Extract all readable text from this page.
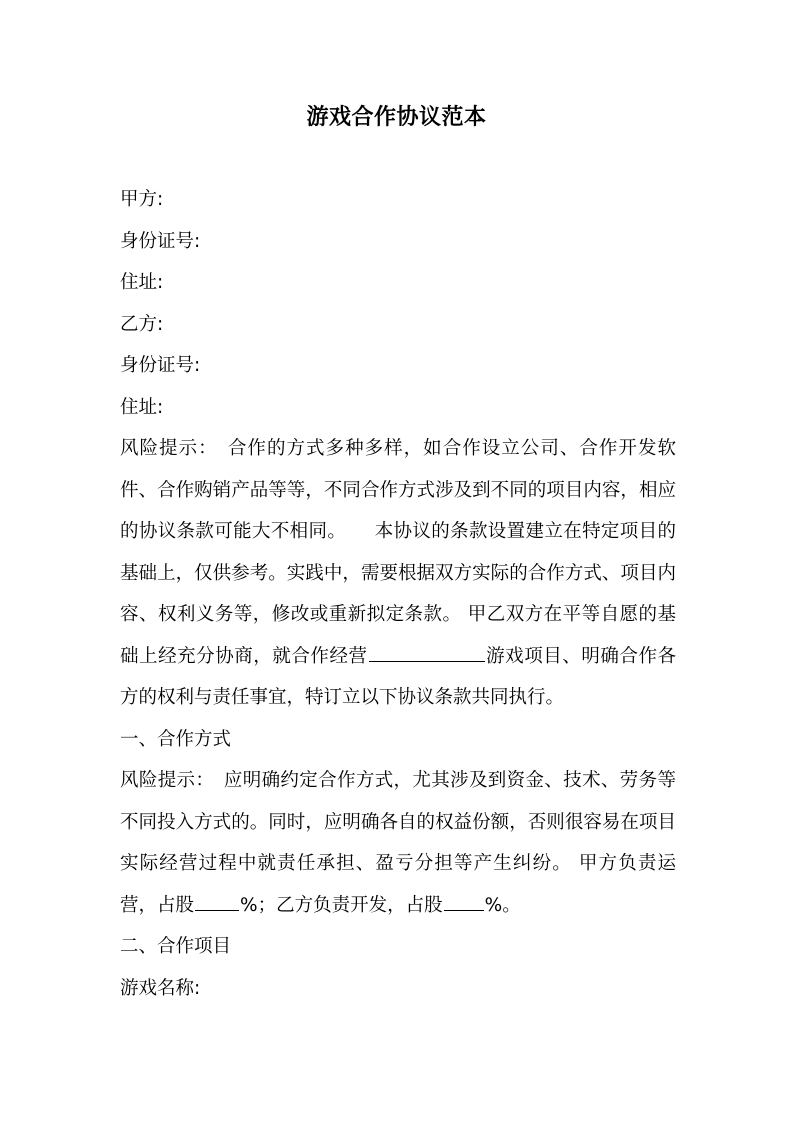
游戏合作协议范本
甲方:
身份证号:
住址:
乙方:
身份证号:
住址:
风险提示：　合作的方式多种多样，如合作设立公司、合作开发软件、合作购销产品等等，不同合作方式涉及到不同的项目内容，相应的协议条款可能大不相同。　　本协议的条款设置建立在特定项目的基础上，仅供参考。实践中，需要根据双方实际的合作方式、项目内容、权利义务等，修改或重新拟定条款。 甲乙双方在平等自愿的基础上经充分协商，就合作经营	游戏项目、明确合作各方的权利与责任事宜，特订立以下协议条款共同执行。
一、合作方式
风险提示：　应明确约定合作方式，尤其涉及到资金、技术、劳务等不同投入方式的。同时，应明确各自的权益份额，否则很容易在项目实际经营过程中就责任承担、盈亏分担等产生纠纷。 甲方负责运营，占股 %；乙方负责开发，占股 %。
二、合作项目
游戏名称:
